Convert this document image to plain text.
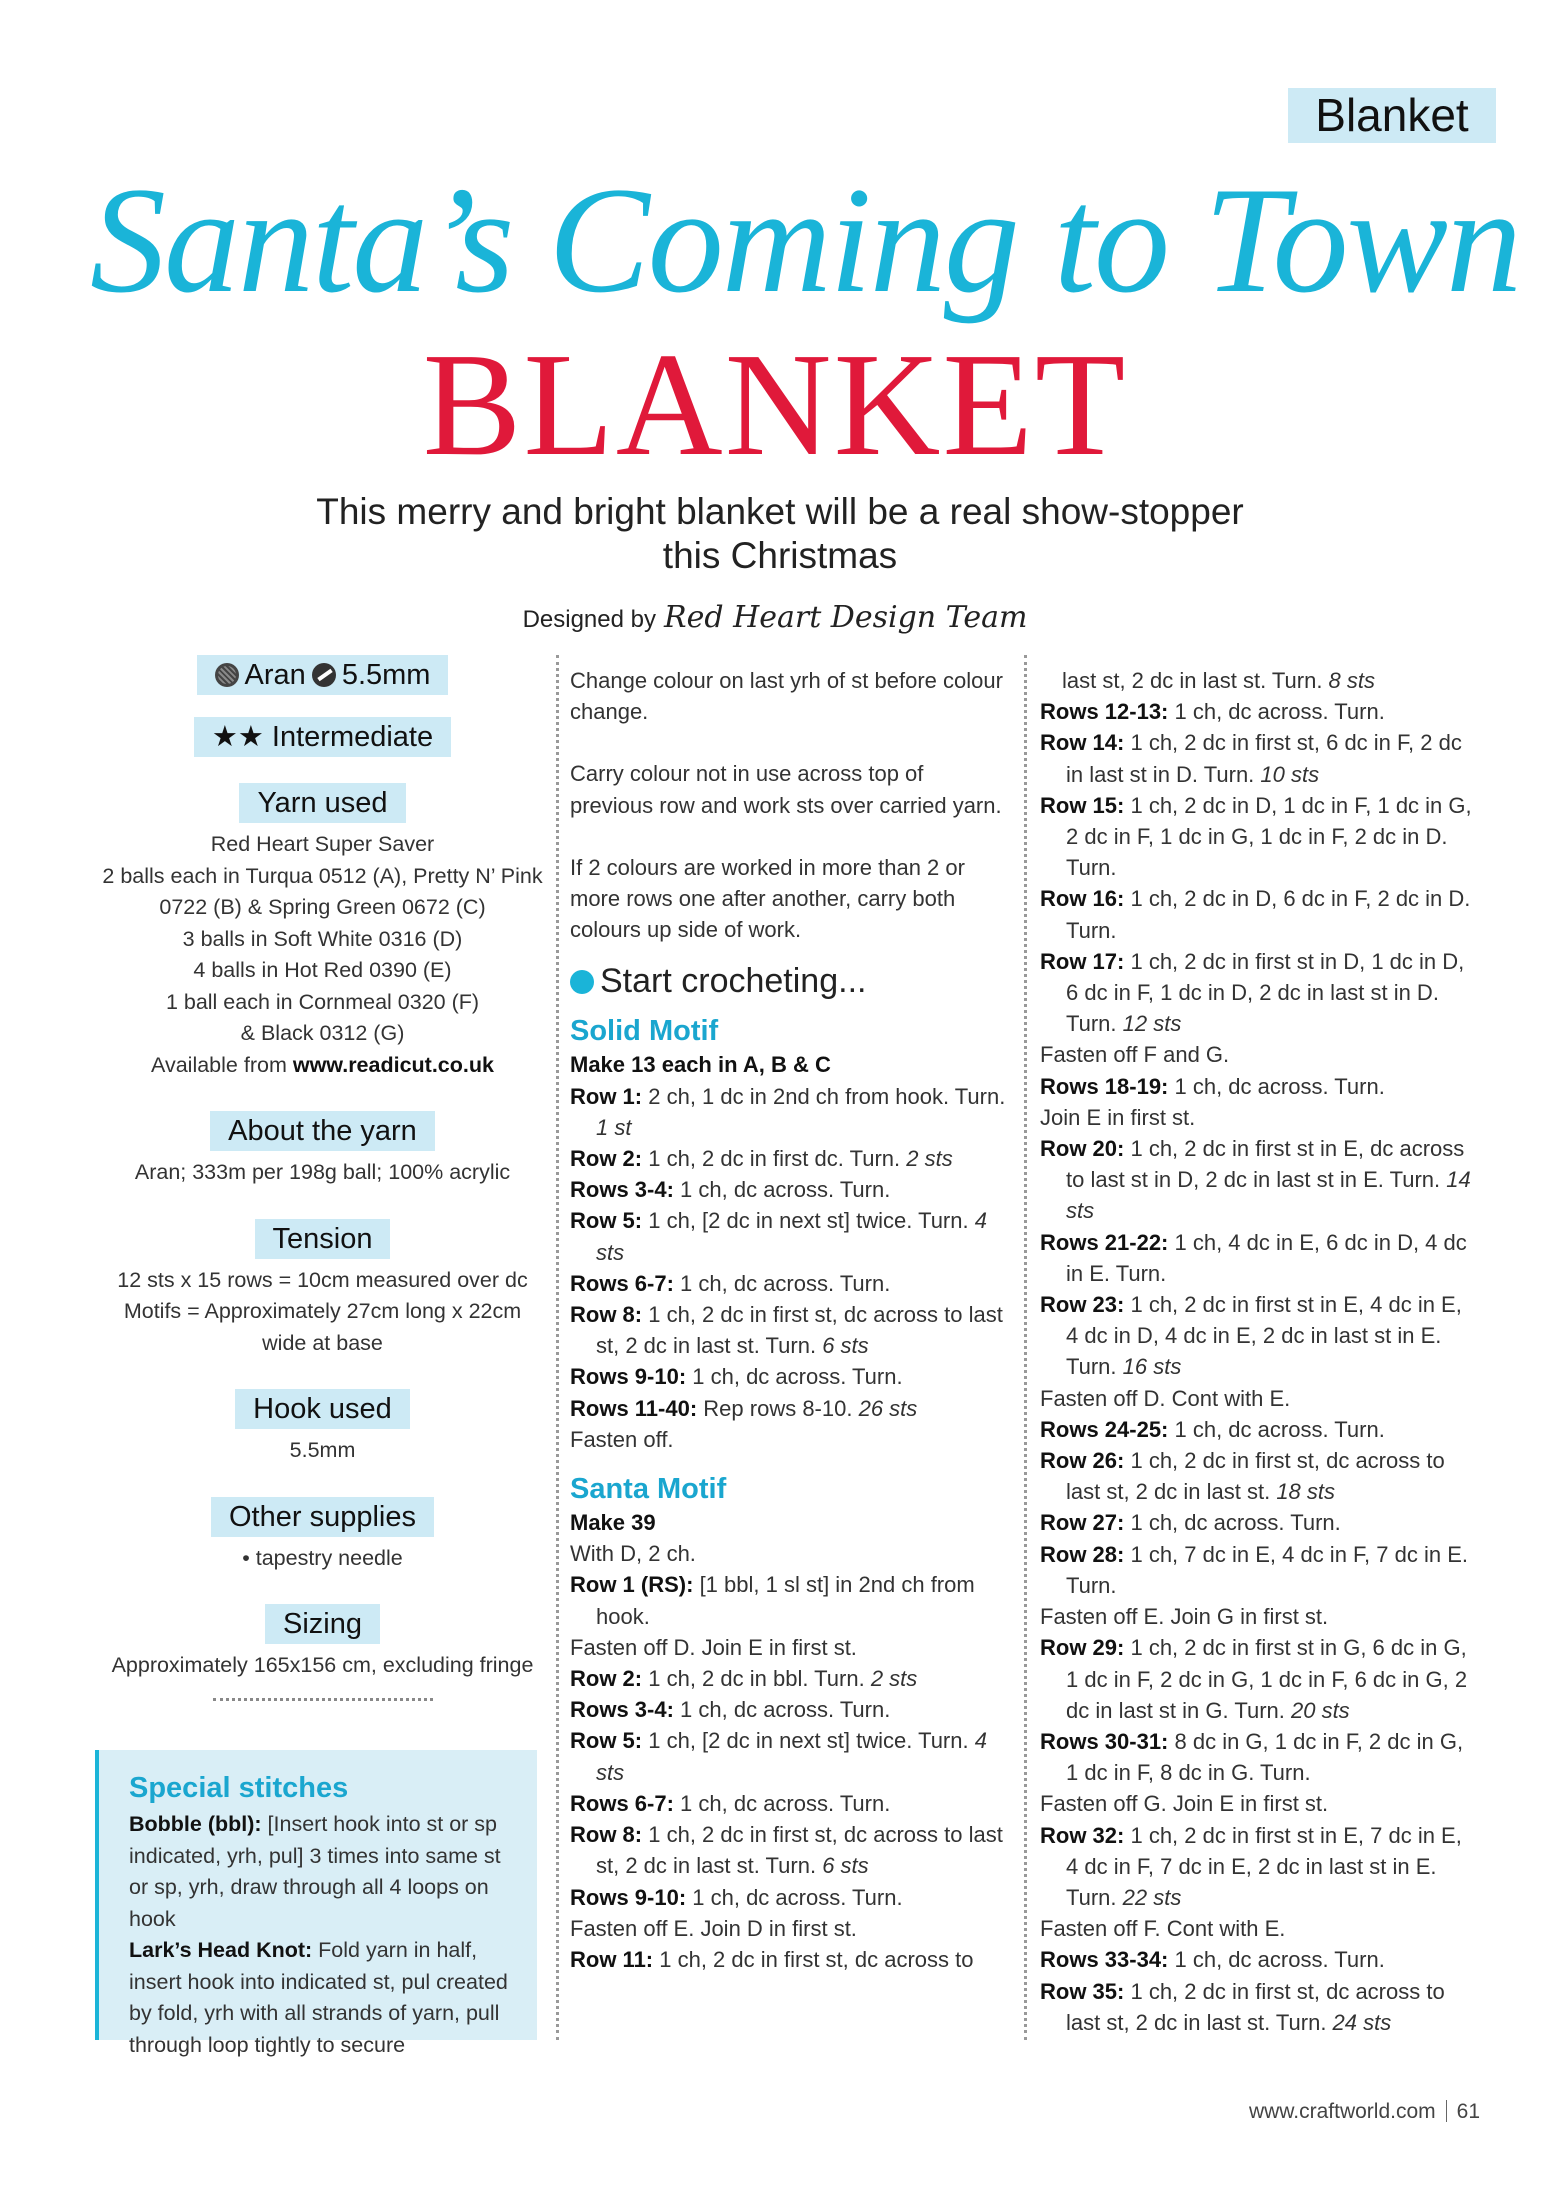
Blanket
Santa’s Coming to Town
BLANKET
This merry and bright blanket will be a real show-stopper this Christmas
Designed by Red Heart Design Team
Aran 5.5mm
★★ Intermediate
Yarn used
Red Heart Super Saver
2 balls each in Turqua 0512 (A), Pretty N’ Pink
0722 (B) & Spring Green 0672 (C)
3 balls in Soft White 0316 (D)
4 balls in Hot Red 0390 (E)
1 ball each in Cornmeal 0320 (F)
& Black 0312 (G)
Available from www.readicut.co.uk
About the yarn
Aran; 333m per 198g ball; 100% acrylic
Tension
12 sts x 15 rows = 10cm measured over dc
Motifs = Approximately 27cm long x 22cm
wide at base
Hook used
5.5mm
Other supplies
• tapestry needle
Sizing
Approximately 165x156 cm, excluding fringe
Special stitches

Bobble (bbl): [Insert hook into st or sp indicated, yrh, pul] 3 times into same st or sp, yrh, draw through all 4 loops on hook

Lark’s Head Knot: Fold yarn in half, insert hook into indicated st, pul created by fold, yrh with all strands of yarn, pull through loop tightly to secure

Change colour on last yrh of st before colour change.
Carry colour not in use across top of previous row and work sts over carried yarn.
If 2 colours are worked in more than 2 or more rows one after another, carry both colours up side of work.
Start crocheting...
Solid Motif
Make 13 each in A, B & C
Row 1: 2 ch, 1 dc in 2nd ch from hook. Turn. 1 st
Row 2: 1 ch, 2 dc in first dc. Turn. 2 sts
Rows 3-4: 1 ch, dc across. Turn.
Row 5: 1 ch, [2 dc in next st] twice. Turn. 4 sts
Rows 6-7: 1 ch, dc across. Turn.
Row 8: 1 ch, 2 dc in first st, dc across to last st, 2 dc in last st. Turn. 6 sts
Rows 9-10: 1 ch, dc across. Turn.
Rows 11-40: Rep rows 8-10. 26 sts
Fasten off.
Santa Motif
Make 39
With D, 2 ch.
Row 1 (RS): [1 bbl, 1 sl st] in 2nd ch from hook.
Fasten off D. Join E in first st.
Row 2: 1 ch, 2 dc in bbl. Turn. 2 sts
Rows 3-4: 1 ch, dc across. Turn.
Row 5: 1 ch, [2 dc in next st] twice. Turn. 4 sts
Rows 6-7: 1 ch, dc across. Turn.
Row 8: 1 ch, 2 dc in first st, dc across to last st, 2 dc in last st. Turn. 6 sts
Rows 9-10: 1 ch, dc across. Turn.
Fasten off E. Join D in first st.
Row 11: 1 ch, 2 dc in first st, dc across to
last st, 2 dc in last st. Turn. 8 sts
Rows 12-13: 1 ch, dc across. Turn.
Row 14: 1 ch, 2 dc in first st, 6 dc in F, 2 dc in last st in D. Turn. 10 sts
Row 15: 1 ch, 2 dc in D, 1 dc in F, 1 dc in G, 2 dc in F, 1 dc in G, 1 dc in F, 2 dc in D. Turn.
Row 16: 1 ch, 2 dc in D, 6 dc in F, 2 dc in D. Turn.
Row 17: 1 ch, 2 dc in first st in D, 1 dc in D, 6 dc in F, 1 dc in D, 2 dc in last st in D. Turn. 12 sts
Fasten off F and G.
Rows 18-19: 1 ch, dc across. Turn.
Join E in first st.
Row 20: 1 ch, 2 dc in first st in E, dc across to last st in D, 2 dc in last st in E. Turn. 14 sts
Rows 21-22: 1 ch, 4 dc in E, 6 dc in D, 4 dc in E. Turn.
Row 23: 1 ch, 2 dc in first st in E, 4 dc in E, 4 dc in D, 4 dc in E, 2 dc in last st in E. Turn. 16 sts
Fasten off D. Cont with E.
Rows 24-25: 1 ch, dc across. Turn.
Row 26: 1 ch, 2 dc in first st, dc across to last st, 2 dc in last st. 18 sts
Row 27: 1 ch, dc across. Turn.
Row 28: 1 ch, 7 dc in E, 4 dc in F, 7 dc in E. Turn.
Fasten off E. Join G in first st.
Row 29: 1 ch, 2 dc in first st in G, 6 dc in G, 1 dc in F, 2 dc in G, 1 dc in F, 6 dc in G, 2 dc in last st in G. Turn. 20 sts
Rows 30-31: 8 dc in G, 1 dc in F, 2 dc in G, 1 dc in F, 8 dc in G. Turn.
Fasten off G. Join E in first st.
Row 32: 1 ch, 2 dc in first st in E, 7 dc in E, 4 dc in F, 7 dc in E, 2 dc in last st in E. Turn. 22 sts
Fasten off F. Cont with E.
Rows 33-34: 1 ch, dc across. Turn.
Row 35: 1 ch, 2 dc in first st, dc across to last st, 2 dc in last st. Turn. 24 sts
www.craftworld.com 61
